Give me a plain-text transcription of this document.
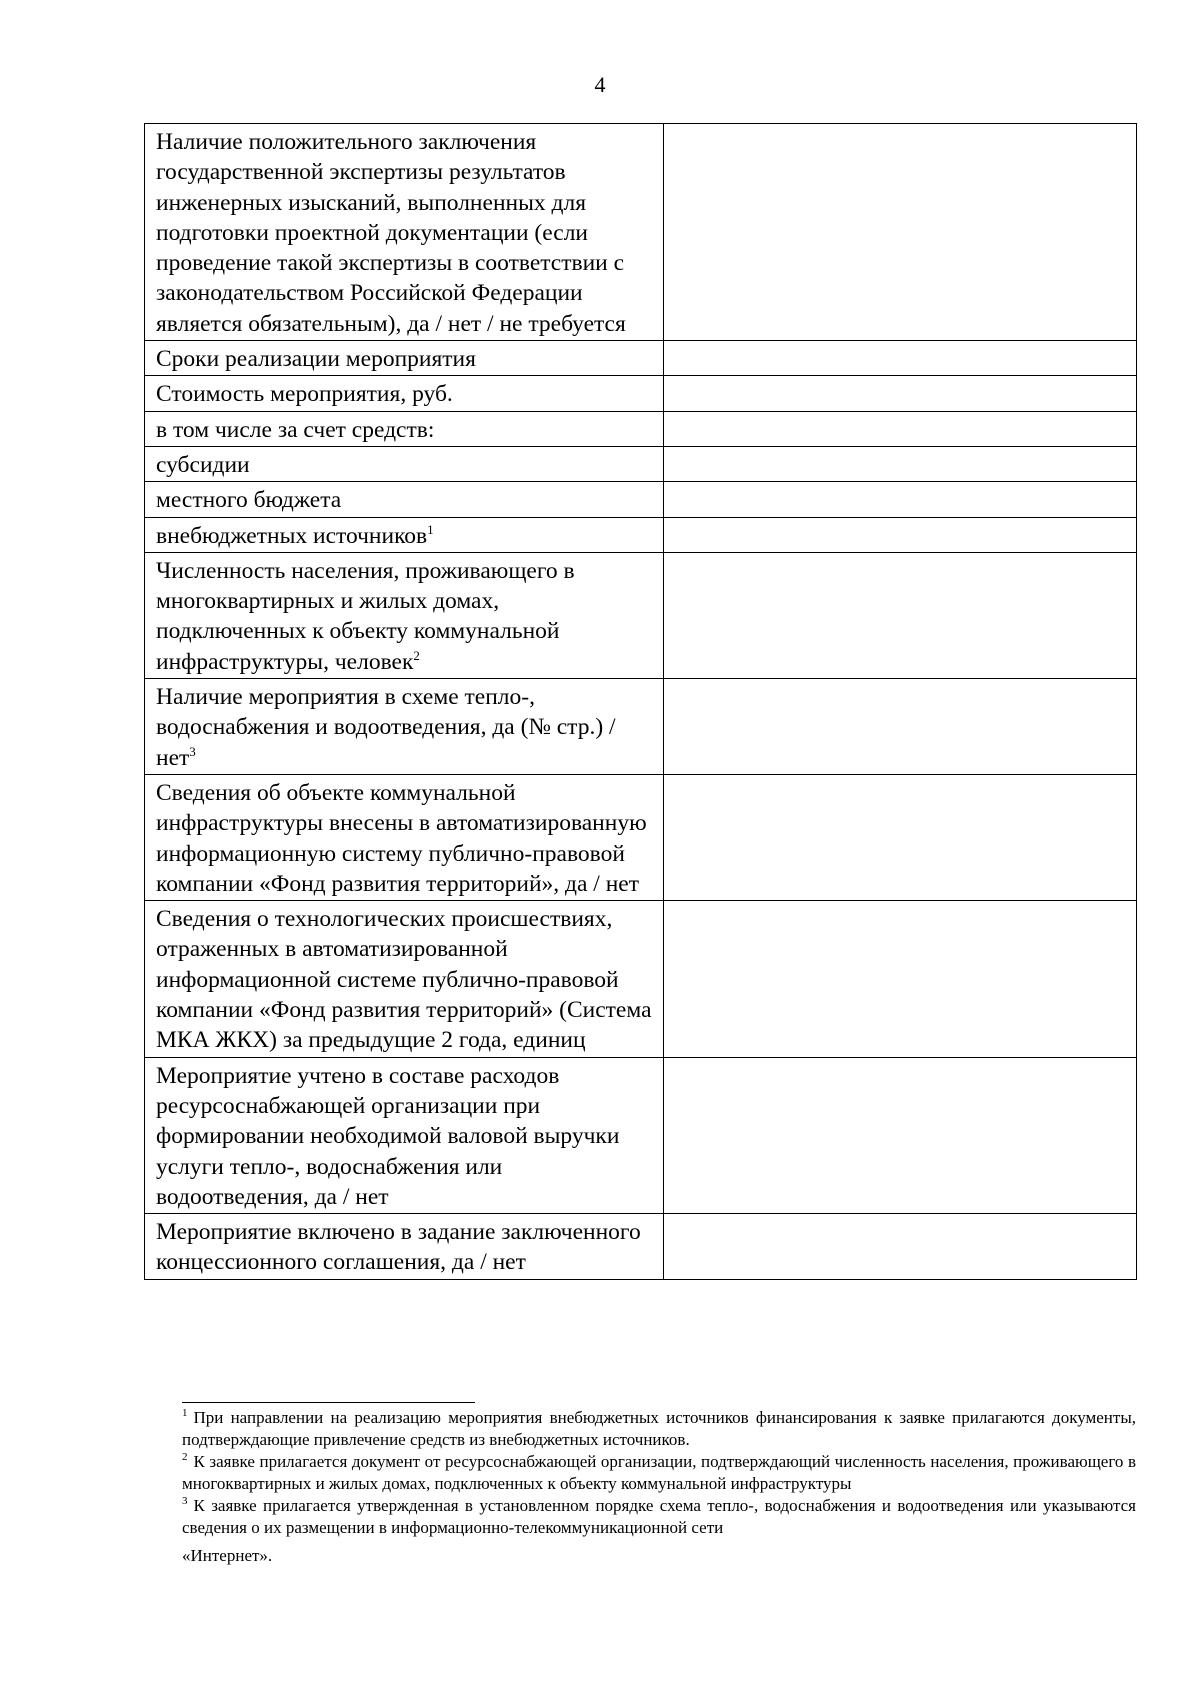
4
Наличие положительного заключения государственной экспертизы результатов инженерных изысканий, выполненных для подготовки проектной документации (если проведение такой экспертизы в соответствии с законодательством Российской Федерации является обязательным), да / нет / не требуется	
Сроки реализации мероприятия	
Стоимость мероприятия, руб.	
в том числе за счет средств:	
субсидии	
местного бюджета	
внебюджетных источников$^1$	
Численность населения, проживающего в многоквартирных и жилых домах, подключенных к объекту коммунальной инфраструктуры, человек$^2$	
Наличие мероприятия в схеме тепло-, водоснабжения и водоотведения, да (№ стр.) / нет$^3$	
Сведения об объекте коммунальной инфраструктуры внесены в автоматизированную информационную систему публично-правовой компании «Фонд развития территорий», да / нет	
Сведения о технологических происшествиях, отраженных в автоматизированной информационной системе публично-правовой компании «Фонд развития территорий» (Система МКА ЖКХ) за предыдущие 2 года, единиц	
Мероприятие учтено в составе расходов ресурсоснабжающей организации при формировании необходимой валовой выручки услуги тепло-, водоснабжения или водоотведения, да / нет	
Мероприятие включено в задание заключенного концессионного соглашения, да / нет	

$^1$ При направлении на реализацию мероприятия внебюджетных источников финансирования к заявке прилагаются документы, подтверждающие привлечение средств из внебюджетных источников.

$^2$ К заявке прилагается документ от ресурсоснабжающей организации, подтверждающий численность населения, проживающего в многоквартирных и жилых домах, подключенных к объекту коммунальной инфраструктуры

$^3$ К заявке прилагается утвержденная в установленном порядке схема тепло-, водоснабжения и водоотведения или указываются сведения о их размещении в информационно-телекоммуникационной сети
«Интернет».
